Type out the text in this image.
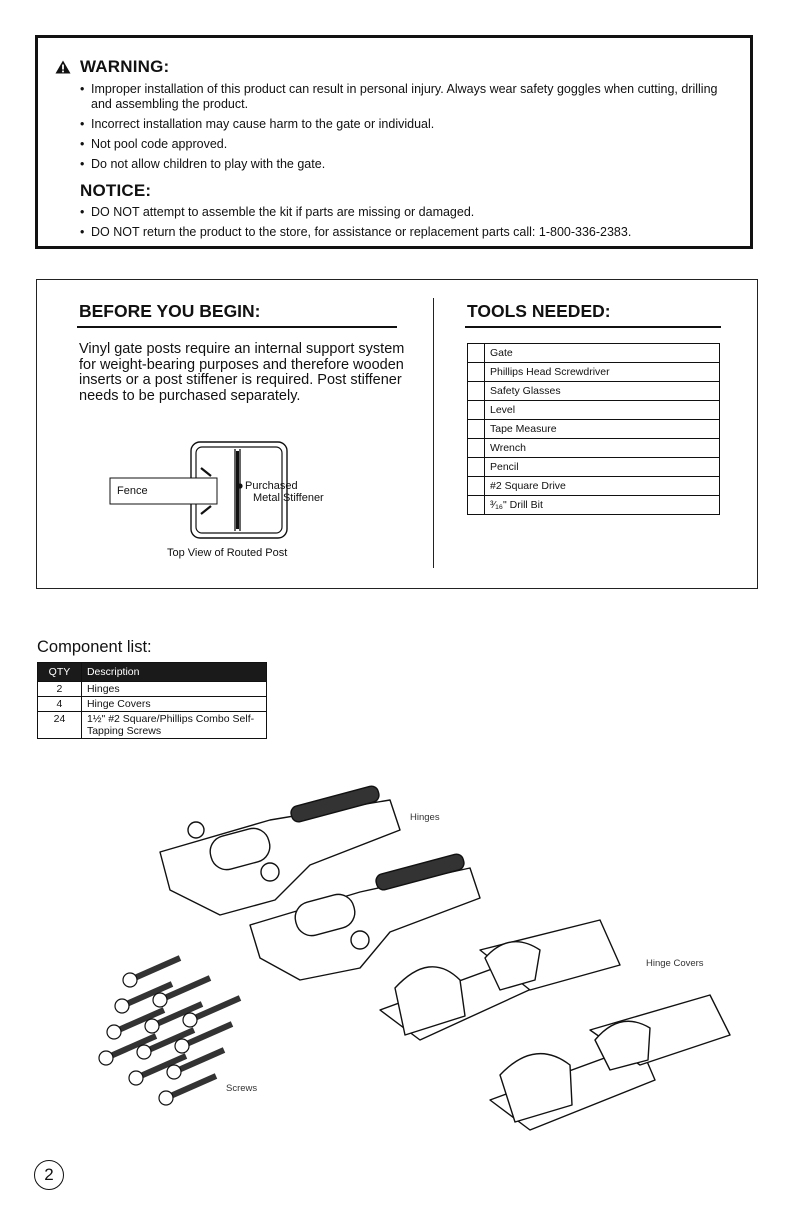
WARNING:
• Improper installation of this product can result in personal injury. Always wear safety goggles when cutting, drilling and assembling the product.
• Incorrect installation may cause harm to the gate or individual.
• Not pool code approved.
• Do not allow children to play with the gate.
NOTICE:
• DO NOT attempt to assemble the kit if parts are missing or damaged.
• DO NOT return the product to the store, for assistance or replacement parts call: 1-800-336-2383.
BEFORE YOU BEGIN:
Vinyl gate posts require an internal support system for weight-bearing purposes and therefore wooden inserts or a post stiffener is required. Post stiffener needs to be purchased separately.
Fence	Purchased
Metal Stiffener
Top View of Routed Post
TOOLS NEEDED:
	Gate
	Phillips Head Screwdriver
	Safety Glasses
	Level
	Tape Measure
	Wrench
	Pencil
	#2 Square Drive
	³⁄₁₆" Drill Bit
Component list:
QTY	Description
2	Hinges
4	Hinge Covers
24	1½" #2 Square/Phillips Combo Self-Tapping Screws
Hinges
Hinge Covers
Screws
2
